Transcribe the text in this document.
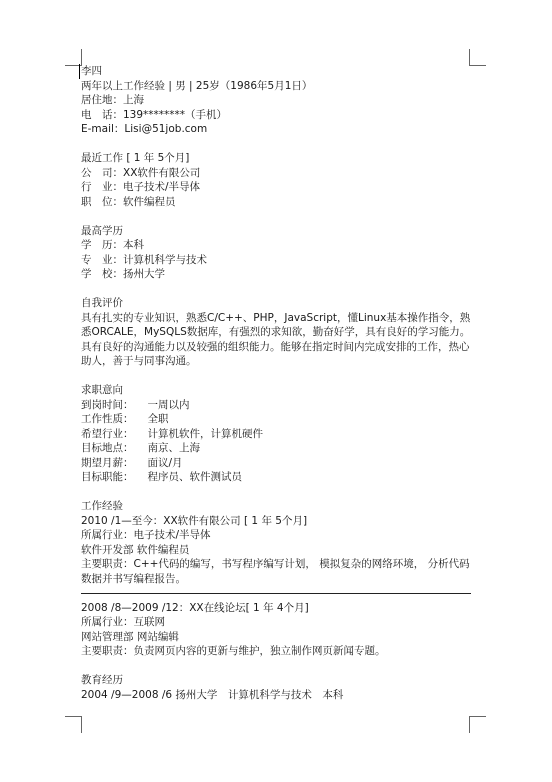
李四
两年以上工作经验 | 男 | 25岁（1986年5月1日）
居住地：上海
电　话：139********（手机）
E-mail：Lisi@51job.com
最近工作 [ 1 年 5个月]
公　司：XX软件有限公司
行　业：电子技术/半导体
职　位：软件编程员
最高学历
学　历：本科
专　业：计算机科学与技术
学　校：扬州大学
自我评价
具有扎实的专业知识，熟悉C/C++、PHP，JavaScript，懂Linux基本操作指令，熟悉ORCALE，MySQLS数据库，有强烈的求知欲，勤奋好学，具有良好的学习能力。具有良好的沟通能力以及较强的组织能力。能够在指定时间内完成安排的工作，热心助人，善于与同事沟通。
求职意向
到岗时间： 一周以内
工作性质： 全职
希望行业： 计算机软件，计算机硬件
目标地点： 南京、上海
期望月薪： 面议/月
目标职能： 程序员、软件测试员
工作经验
2010 /1—至今：XX软件有限公司 [ 1 年 5个月]
所属行业：电子技术/半导体
软件开发部 软件编程员
主要职责：C++代码的编写，书写程序编写计划， 模拟复杂的网络环境， 分析代码数据并书写编程报告。
2008 /8—2009 /12：XX在线论坛[ 1 年 4个月]
所属行业：互联网
网站管理部 网站编辑
主要职责：负责网页内容的更新与维护，独立制作网页新闻专题。
教育经历
2004 /9—2008 /6 扬州大学　计算机科学与技术　本科
